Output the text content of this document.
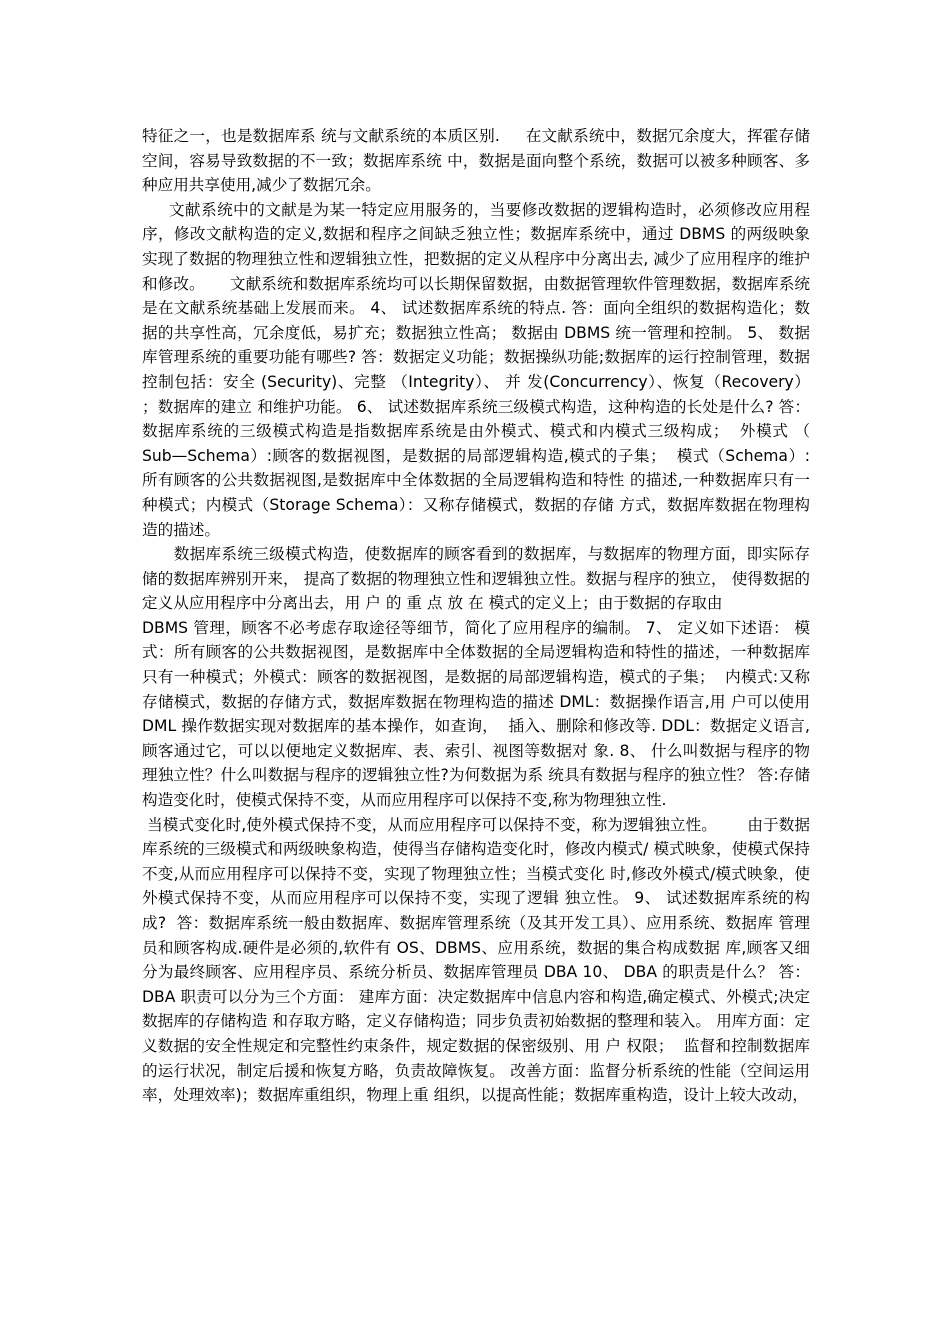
特征之一，也是数据库系 统与文献系统的本质区别.     在文献系统中，数据冗余度大，挥霍存储空间，容易导致数据的不一致；数据库系统 中，数据是面向整个系统，数据可以被多种顾客、多种应用共享使用,减少了数据冗余。

文献系统中的文献是为某一特定应用服务的，当要修改数据的逻辑构造时，必须修改应用程序，修改文献构造的定义,数据和程序之间缺乏独立性；数据库系统中，通过 DBMS 的两级映象实现了数据的物理独立性和逻辑独立性，把数据的定义从程序中分离出去, 减少了应用程序的维护和修改。     文献系统和数据库系统均可以长期保留数据，由数据管理软件管理数据，数据库系统 是在文献系统基础上发展而来。 4、 试述数据库系统的特点. 答：面向全组织的数据构造化；数据的共享性高，冗余度低，易扩充；数据独立性高； 数据由 DBMS 统一管理和控制。 5、 数据库管理系统的重要功能有哪些? 答：数据定义功能；数据操纵功能;数据库的运行控制管理，数据控制包括：安全 (Security)、完整 （Integrity）、 并 发(Concurrency）、恢复（Recovery） ；数据库的建立 和维护功能。 6、 试述数据库系统三级模式构造，这种构造的长处是什么? 答：数据库系统的三级模式构造是指数据库系统是由外模式、模式和内模式三级构成；  外模式 （ Sub—Schema）:顾客的数据视图，是数据的局部逻辑构造,模式的子集；  模式（Schema）: 所有顾客的公共数据视图,是数据库中全体数据的全局逻辑构造和特性 的描述,一种数据库只有一种模式；内模式（Storage Schema）：又称存储模式，数据的存储 方式，数据库数据在物理构造的描述。

数据库系统三级模式构造，使数据库的顾客看到的数据库，与数据库的物理方面，即实际存储的数据库辨别开来， 提高了数据的物理独立性和逻辑独立性。数据与程序的独立， 使得数据的定义从应用程序中分离出去，用 户 的 重 点 放 在 模式的定义上；由于数据的存取由

DBMS 管理，顾客不必考虑存取途径等细节，简化了应用程序的编制。 7、 定义如下述语： 模式：所有顾客的公共数据视图，是数据库中全体数据的全局逻辑构造和特性的描述，一种数据库只有一种模式；外模式：顾客的数据视图，是数据的局部逻辑构造，模式的子集；  内模式:又称存储模式，数据的存储方式，数据库数据在物理构造的描述 DML：数据操作语言,用 户可以使用 DML 操作数据实现对数据库的基本操作，如查询，  插入、删除和修改等. DDL：数据定义语言,顾客通过它，可以以便地定义数据库、表、索引、视图等数据对 象. 8、 什么叫数据与程序的物理独立性？什么叫数据与程序的逻辑独立性?为何数据为系 统具有数据与程序的独立性？ 答:存储构造变化时，使模式保持不变，从而应用程序可以保持不变,称为物理独立性.

当模式变化时,使外模式保持不变，从而应用程序可以保持不变，称为逻辑独立性。      由于数据库系统的三级模式和两级映象构造，使得当存储构造变化时，修改内模式/ 模式映象，使模式保持不变,从而应用程序可以保持不变，实现了物理独立性；当模式变化 时,修改外模式/模式映象，使外模式保持不变，从而应用程序可以保持不变，实现了逻辑 独立性。 9、 试述数据库系统的构成?  答：数据库系统一般由数据库、数据库管理系统（及其开发工具）、应用系统、数据库 管理员和顾客构成.硬件是必须的,软件有 OS、DBMS、应用系统，数据的集合构成数据 库,顾客又细分为最终顾客、应用程序员、系统分析员、数据库管理员 DBA 10、 DBA 的职责是什么？ 答：DBA 职责可以分为三个方面： 建库方面：决定数据库中信息内容和构造,确定模式、外模式;决定数据库的存储构造 和存取方略，定义存储构造；同步负责初始数据的整理和装入。 用库方面：定义数据的安全性规定和完整性约束条件，规定数据的保密级别、用 户 权限；  监督和控制数据库的运行状况，制定后援和恢复方略，负责故障恢复。 改善方面：监督分析系统的性能（空间运用率，处理效率)；数据库重组织，物理上重 组织，以提高性能；数据库重构造，设计上较大改动，
